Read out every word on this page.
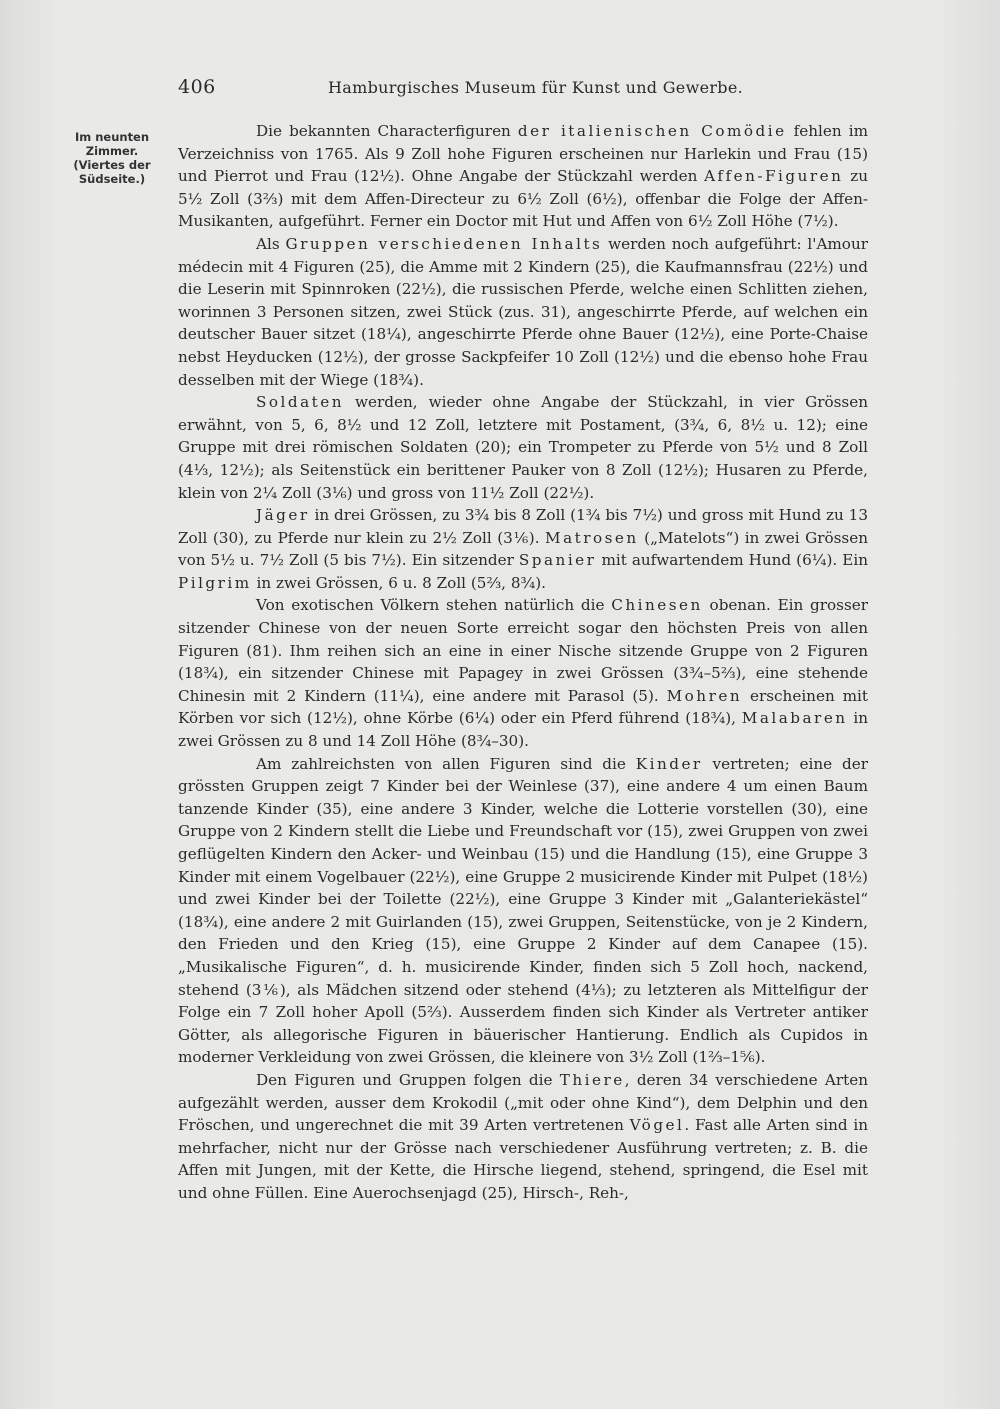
406	Hamburgisches Museum für Kunst und Gewerbe.
Im neunten
Zimmer.
(Viertes der
Südseite.)

Die bekannten Characterfiguren der italienischen Comödie fehlen im Verzeichniss von 1765. Als 9 Zoll hohe Figuren erscheinen nur Harlekin und Frau (15) und Pierrot und Frau (12½). Ohne Angabe der Stückzahl werden Affen-Figuren zu 5½ Zoll (3⅔) mit dem Affen-Directeur zu 6½ Zoll (6½), offenbar die Folge der Affen-Musikanten, aufgeführt. Ferner ein Doctor mit Hut und Affen von 6½ Zoll Höhe (7½).

Als Gruppen verschiedenen Inhalts werden noch aufgeführt: l'Amour médecin mit 4 Figuren (25), die Amme mit 2 Kindern (25), die Kaufmannsfrau (22½) und die Leserin mit Spinnroken (22½), die russischen Pferde, welche einen Schlitten ziehen, worinnen 3 Personen sitzen, zwei Stück (zus. 31), angeschirrte Pferde, auf welchen ein deutscher Bauer sitzet (18¼), angeschirrte Pferde ohne Bauer (12½), eine Porte-Chaise nebst Heyducken (12½), der grosse Sackpfeifer 10 Zoll (12½) und die ebenso hohe Frau desselben mit der Wiege (18¾).

Soldaten werden, wieder ohne Angabe der Stückzahl, in vier Grössen erwähnt, von 5, 6, 8½ und 12 Zoll, letztere mit Postament, (3¾, 6, 8½ u. 12); eine Gruppe mit drei römischen Soldaten (20); ein Trompeter zu Pferde von 5½ und 8 Zoll (4⅓, 12½); als Seitenstück ein berittener Pauker von 8 Zoll (12½); Husaren zu Pferde, klein von 2¼ Zoll (3⅙) und gross von 11½ Zoll (22½).

Jäger in drei Grössen, zu 3¾ bis 8 Zoll (1¾ bis 7½) und gross mit Hund zu 13 Zoll (30), zu Pferde nur klein zu 2½ Zoll (3⅙). Matrosen („Matelots“) in zwei Grössen von 5½ u. 7½ Zoll (5 bis 7½). Ein sitzender Spanier mit aufwartendem Hund (6¼). Ein Pilgrim in zwei Grössen, 6 u. 8 Zoll (5⅔, 8¾).

Von exotischen Völkern stehen natürlich die Chinesen obenan. Ein grosser sitzender Chinese von der neuen Sorte erreicht sogar den höchsten Preis von allen Figuren (81). Ihm reihen sich an eine in einer Nische sitzende Gruppe von 2 Figuren (18¾), ein sitzender Chinese mit Papagey in zwei Grössen (3¾–5⅔), eine stehende Chinesin mit 2 Kindern (11¼), eine andere mit Parasol (5). Mohren erscheinen mit Körben vor sich (12½), ohne Körbe (6¼) oder ein Pferd führend (18¾), Malabaren in zwei Grössen zu 8 und 14 Zoll Höhe (8¾–30).

Am zahlreichsten von allen Figuren sind die Kinder vertreten; eine der grössten Gruppen zeigt 7 Kinder bei der Weinlese (37), eine andere 4 um einen Baum tanzende Kinder (35), eine andere 3 Kinder, welche die Lotterie vorstellen (30), eine Gruppe von 2 Kindern stellt die Liebe und Freundschaft vor (15), zwei Gruppen von zwei geflügelten Kindern den Acker- und Weinbau (15) und die Handlung (15), eine Gruppe 3 Kinder mit einem Vogelbauer (22½), eine Gruppe 2 musicirende Kinder mit Pulpet (18½) und zwei Kinder bei der Toilette (22½), eine Gruppe 3 Kinder mit „Galanteriekästel“ (18¾), eine andere 2 mit Guirlanden (15), zwei Gruppen, Seitenstücke, von je 2 Kindern, den Frieden und den Krieg (15), eine Gruppe 2 Kinder auf dem Canapee (15). „Musikalische Figuren“, d. h. musicirende Kinder, finden sich 5 Zoll hoch, nackend, stehend (3⅙), als Mädchen sitzend oder stehend (4⅓); zu letzteren als Mittelfigur der Folge ein 7 Zoll hoher Apoll (5⅔). Ausserdem finden sich Kinder als Vertreter antiker Götter, als allegorische Figuren in bäuerischer Hantierung. Endlich als Cupidos in moderner Verkleidung von zwei Grössen, die kleinere von 3½ Zoll (1⅔–1⅚).

Den Figuren und Gruppen folgen die Thiere, deren 34 verschiedene Arten aufgezählt werden, ausser dem Krokodil („mit oder ohne Kind“), dem Delphin und den Fröschen, und ungerechnet die mit 39 Arten vertretenen Vögel. Fast alle Arten sind in mehrfacher, nicht nur der Grösse nach verschiedener Ausführung vertreten; z. B. die Affen mit Jungen, mit der Kette, die Hirsche liegend, stehend, springend, die Esel mit und ohne Füllen. Eine Auerochsenjagd (25), Hirsch-, Reh-,
